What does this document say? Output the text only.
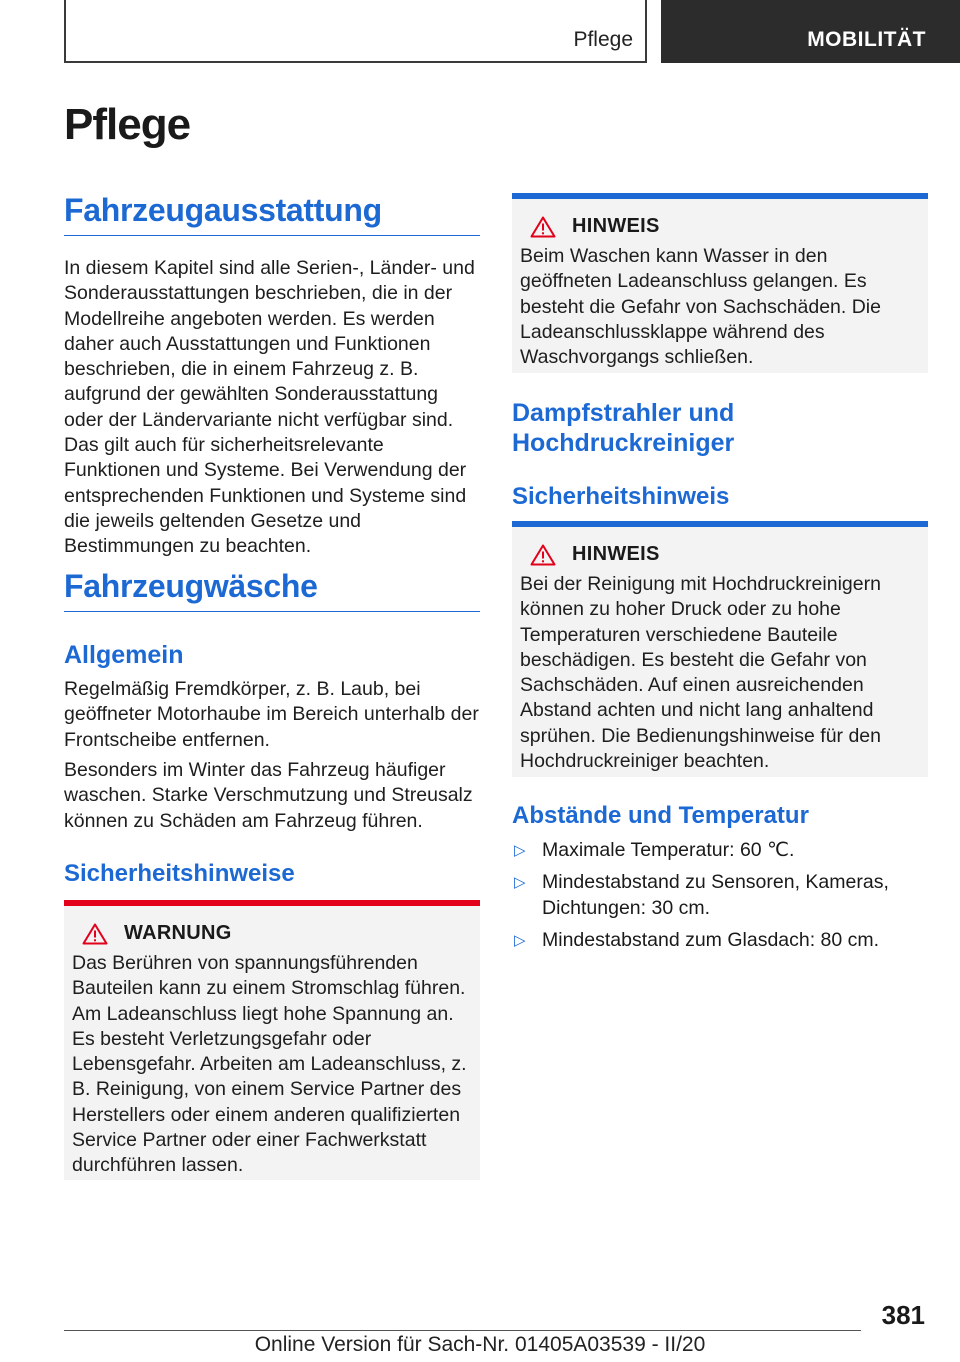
Pflege	MOBILITÄT
Pflege
Fahrzeugausstattung

In diesem Kapitel sind alle Serien-, Länder- und Sonderausstattungen beschrieben, die in der Modellreihe angeboten werden. Es werden daher auch Ausstattungen und Funktionen beschrieben, die in einem Fahrzeug z. B. aufgrund der gewählten Sonderausstattung oder der Ländervariante nicht verfügbar sind. Das gilt auch für sicherheitsrelevante Funktionen und Systeme. Bei Verwendung der entsprechenden Funktionen und Systeme sind die jeweils geltenden Gesetze und Bestimmungen zu beachten.

Fahrzeugwäsche
Allgemein

Regelmäßig Fremdkörper, z. B. Laub, bei geöffneter Motorhaube im Bereich unterhalb der Frontscheibe entfernen.

Besonders im Winter das Fahrzeug häufiger waschen. Starke Verschmutzung und Streusalz können zu Schäden am Fahrzeug führen.

Sicherheitshinweise
WARNUNG

Das Berühren von spannungsführenden Bauteilen kann zu einem Stromschlag führen. Am Ladeanschluss liegt hohe Spannung an. Es besteht Verletzungsgefahr oder Lebensgefahr. Arbeiten am Ladeanschluss, z. B. Reinigung, von einem Service Partner des Herstellers oder einem anderen qualifizierten Service Partner oder einer Fachwerkstatt durchführen lassen.

HINWEIS

Beim Waschen kann Wasser in den geöffneten Ladeanschluss gelangen. Es besteht die Gefahr von Sachschäden. Die Ladeanschlussklappe während des Waschvorgangs schließen.

Dampfstrahler und Hochdruckreiniger
Sicherheitshinweis
HINWEIS

Bei der Reinigung mit Hochdruckreinigern können zu hoher Druck oder zu hohe Temperaturen verschiedene Bauteile beschädigen. Es besteht die Gefahr von Sachschäden. Auf einen ausreichenden Abstand achten und nicht lang anhaltend sprühen. Die Bedienungshinweise für den Hochdruckreiniger beachten.

Abstände und Temperatur
▷ Maximale Temperatur: 60 ℃.
▷ Mindestabstand zu Sensoren, Kameras, Dichtungen: 30 cm.
▷ Mindestabstand zum Glasdach: 80 cm.
381
Online Version für Sach-Nr. 01405A03539 - II/20
